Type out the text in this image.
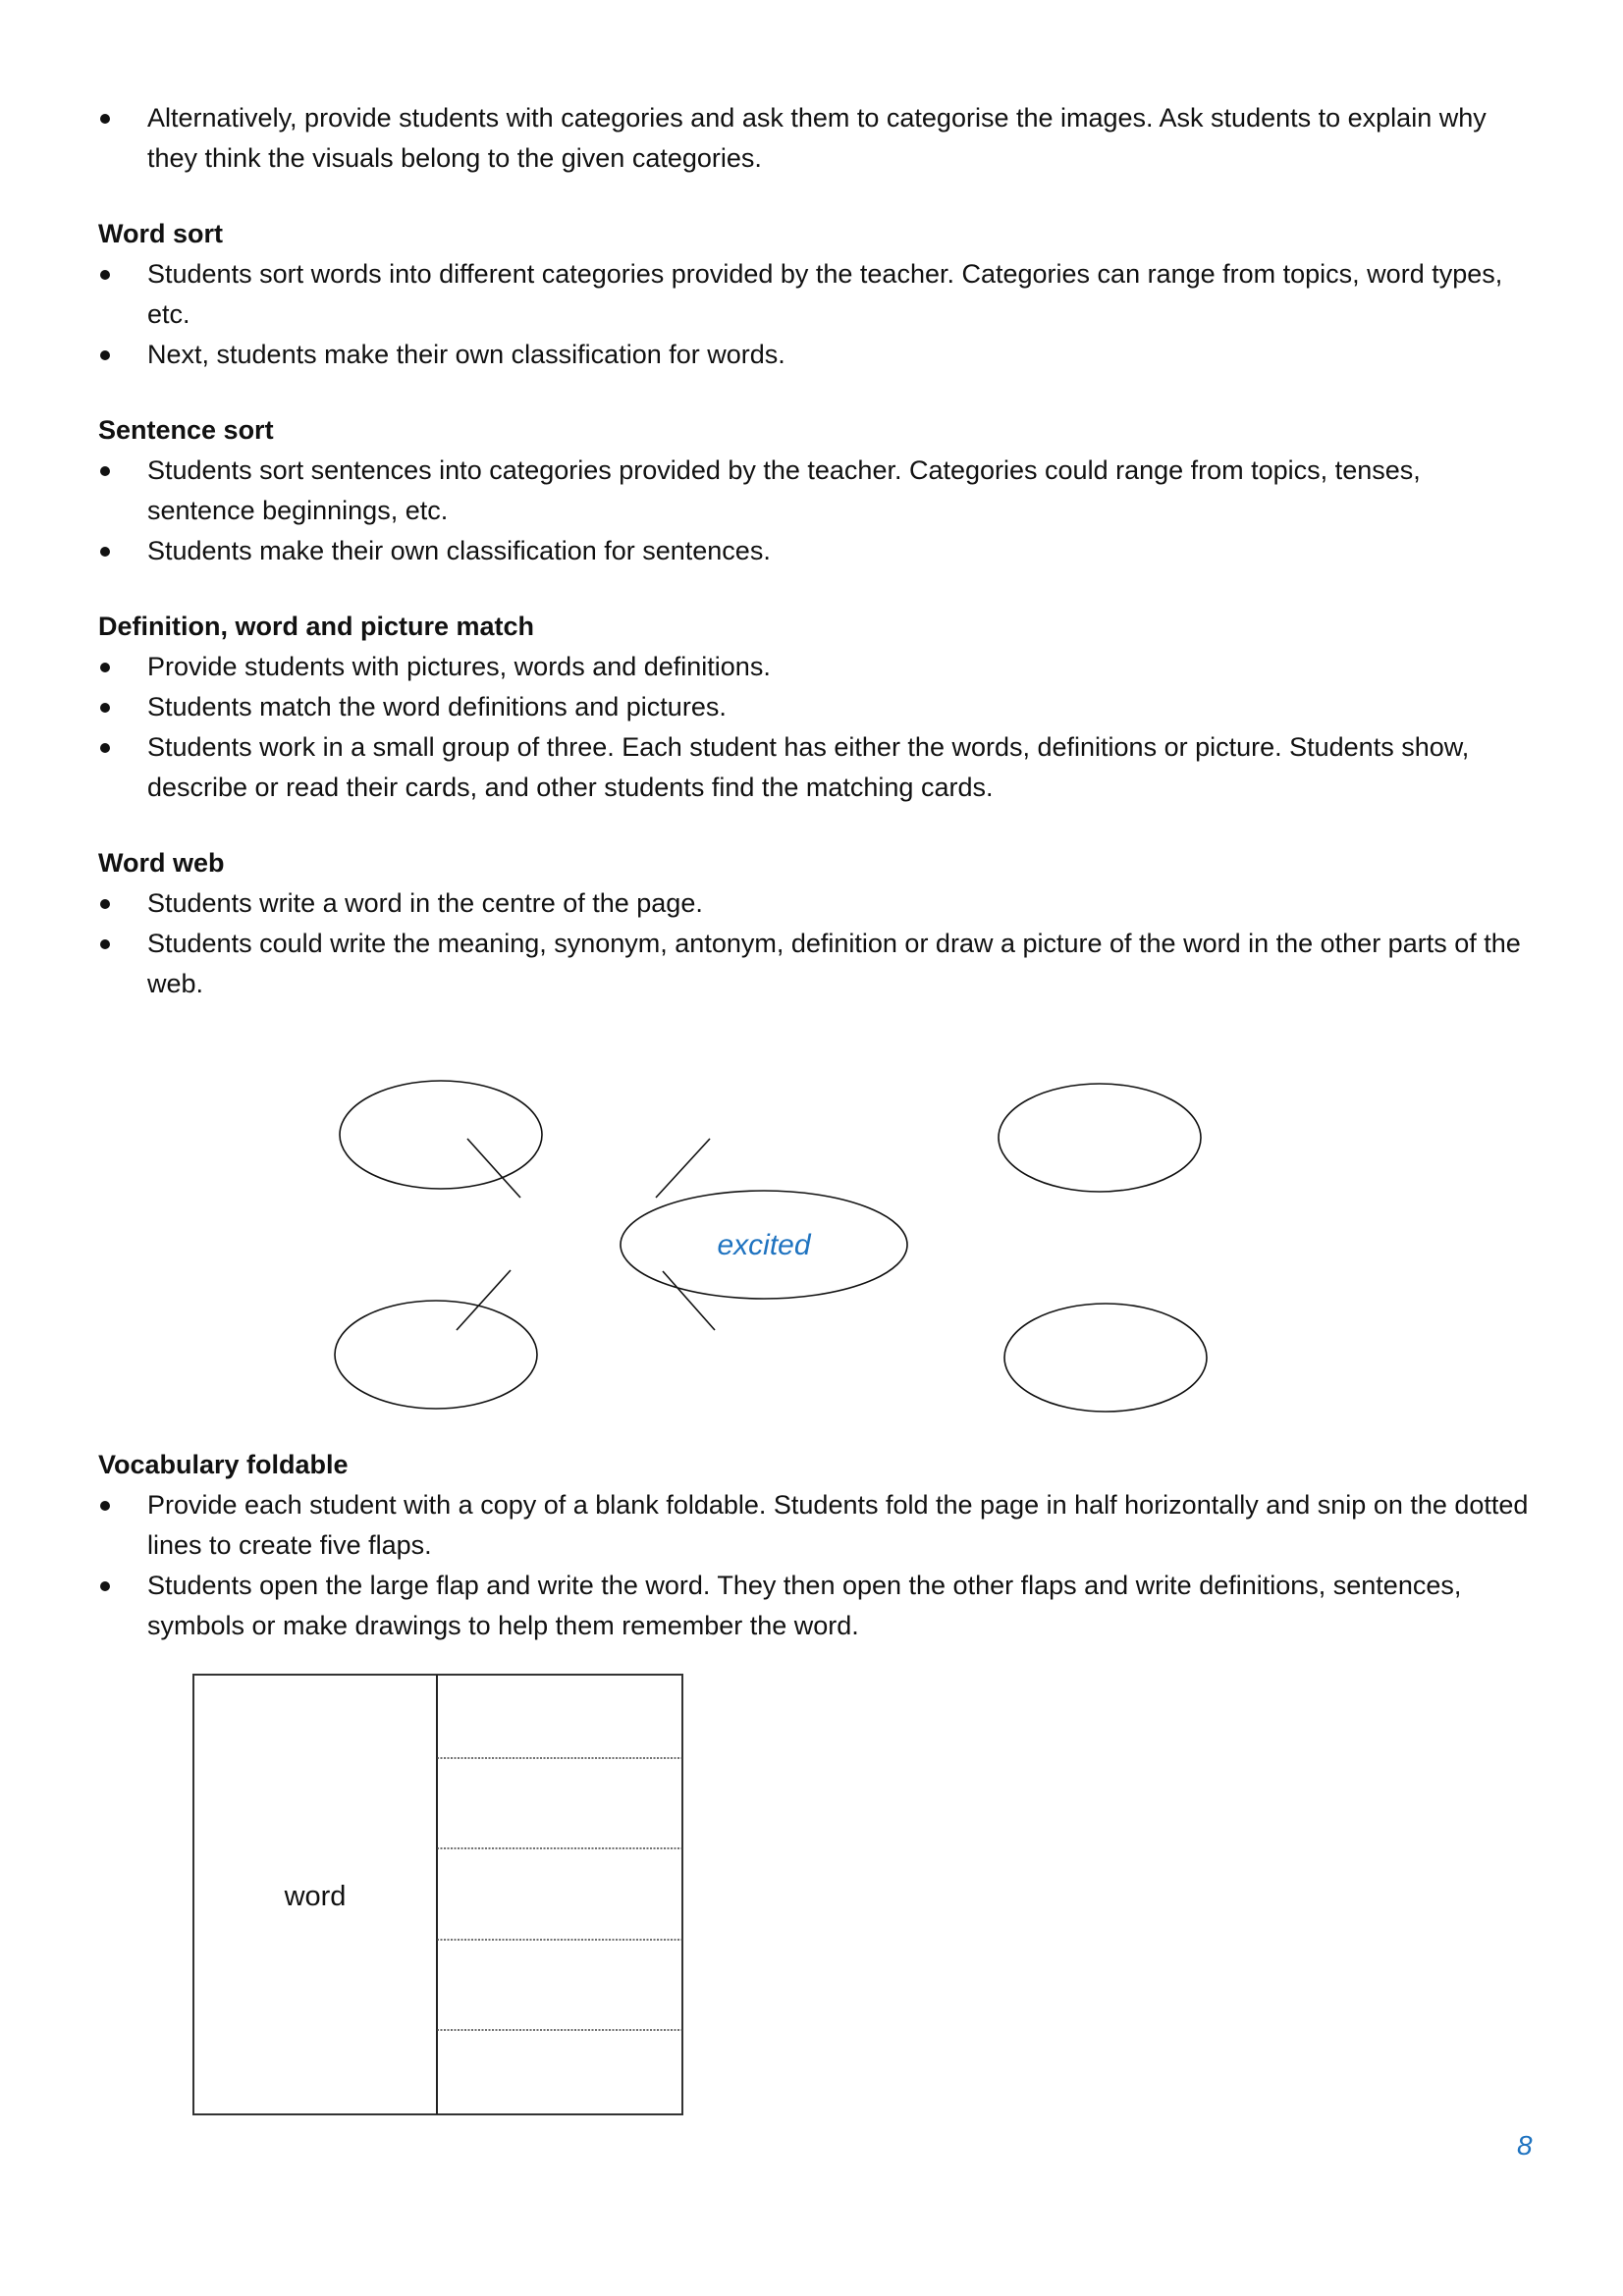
Alternatively, provide students with categories and ask them to categorise the images. Ask students to explain why they think the visuals belong to the given categories.

Word sort

Students sort words into different categories provided by the teacher. Categories can range from topics, word types, etc.

Next, students make their own classification for words.

Sentence sort

Students sort sentences into categories provided by the teacher. Categories could range from topics, tenses, sentence beginnings, etc.

Students make their own classification for sentences.

Definition, word and picture match

Provide students with pictures, words and definitions.

Students match the word definitions and pictures.

Students work in a small group of three. Each student has either the words, definitions or picture. Students show, describe or read their cards, and other students find the matching cards.

Word web

Students write a word in the centre of the page.

Students could write the meaning, synonym, antonym, definition or draw a picture of the word in the other parts of the web.

excited

Vocabulary foldable

Provide each student with a copy of a blank foldable. Students fold the page in half horizontally and snip on the dotted lines to create five flaps.

Students open the large flap and write the word. They then open the other flaps and write definitions, sentences, symbols or make drawings to help them remember the word.

word
8
